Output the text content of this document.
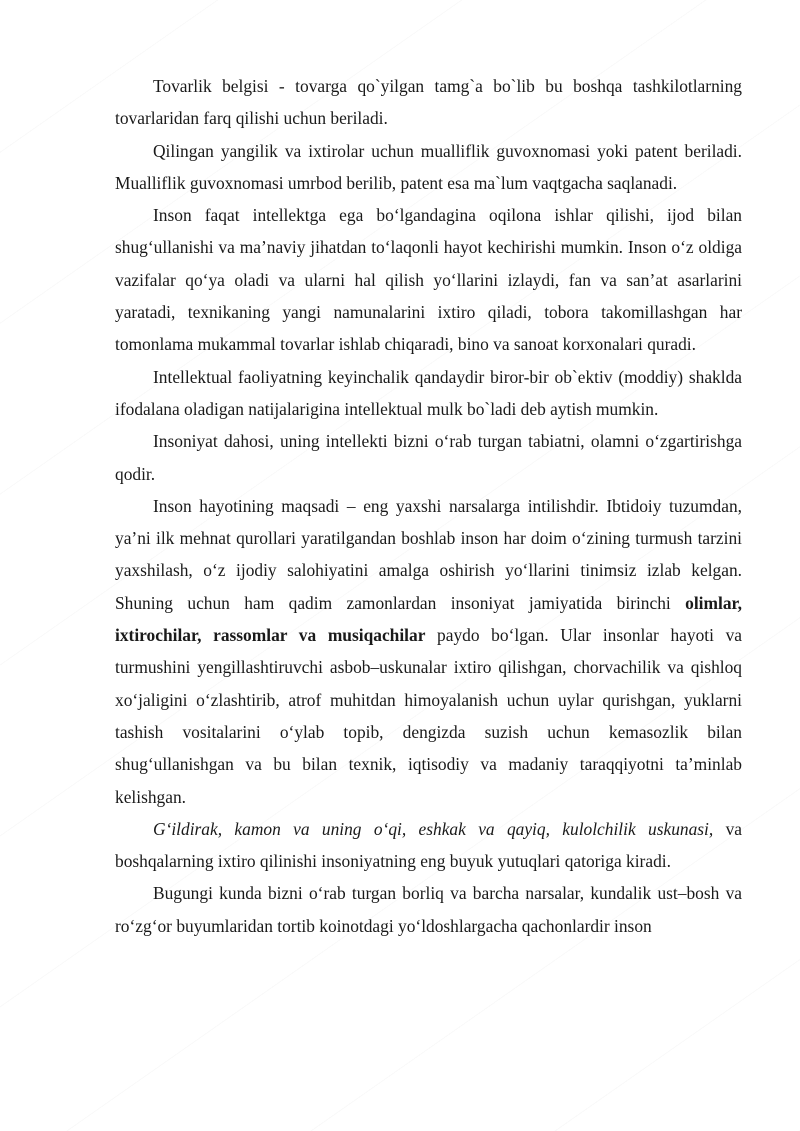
Tovarlik belgisi - tovarga qo`yilgan tamg`a bo`lib bu boshqa tashkilotlarning tovarlaridan farq qilishi uchun beriladi.

Qilingan yangilik va ixtirolar uchun mualliflik guvoxnomasi yoki patent beriladi. Mualliflik guvoxnomasi umrbod berilib, patent esa ma`lum vaqtgacha saqlanadi.

Inson faqat intellektga ega bo‘lgandagina oqilona ishlar qilishi, ijod bilan shug‘ullanishi va ma’naviy jihatdan to‘laqonli hayot kechirishi mumkin. Inson o‘z oldiga vazifalar qo‘ya oladi va ularni hal qilish yo‘llarini izlaydi, fan va san’at asarlarini yaratadi, texnikaning yangi namunalarini ixtiro qiladi, tobora takomillashgan har tomonlama mukammal tovarlar ishlab chiqaradi, bino va sanoat korxonalari quradi.

Intellektual faoliyatning keyinchalik qandaydir biror-bir ob`ektiv (moddiy) shaklda ifodalana oladigan natijalarigina intellektual mulk bo`ladi deb aytish mumkin.

Insoniyat dahosi, uning intellekti bizni o‘rab turgan tabiatni, olamni o‘zgartirishga qodir.

Inson hayotining maqsadi – eng yaxshi narsalarga intilishdir. Ibtidoiy tuzumdan, ya’ni ilk mehnat qurollari yaratilgandan boshlab inson har doim o‘zining turmush tarzini yaxshilash, o‘z ijodiy salohiyatini amalga oshirish yo‘llarini tinimsiz izlab kelgan. Shuning uchun ham qadim zamonlardan insoniyat jamiyatida birinchi olimlar, ixtirochilar, rassomlar va musiqachilar paydo bo‘lgan. Ular insonlar hayoti va turmushini yengillashtiruvchi asbob–uskunalar ixtiro qilishgan, chorvachilik va qishloq xo‘jaligini o‘zlashtirib, atrof muhitdan himoyalanish uchun uylar qurishgan, yuklarni tashish vositalarini o‘ylab topib, dengizda suzish uchun kemasozlik bilan shug‘ullanishgan va bu bilan texnik, iqtisodiy va madaniy taraqqiyotni ta’minlab kelishgan.

G‘ildirak, kamon va uning o‘qi, eshkak va qayiq, kulolchilik uskunasi, va boshqalarning ixtiro qilinishi insoniyatning eng buyuk yutuqlari qatoriga kiradi.

Bugungi kunda bizni o‘rab turgan borliq va barcha narsalar, kundalik ust–bosh va ro‘zg‘or buyumlaridan tortib koinotdagi yo‘ldoshlargacha qachonlardir inson
